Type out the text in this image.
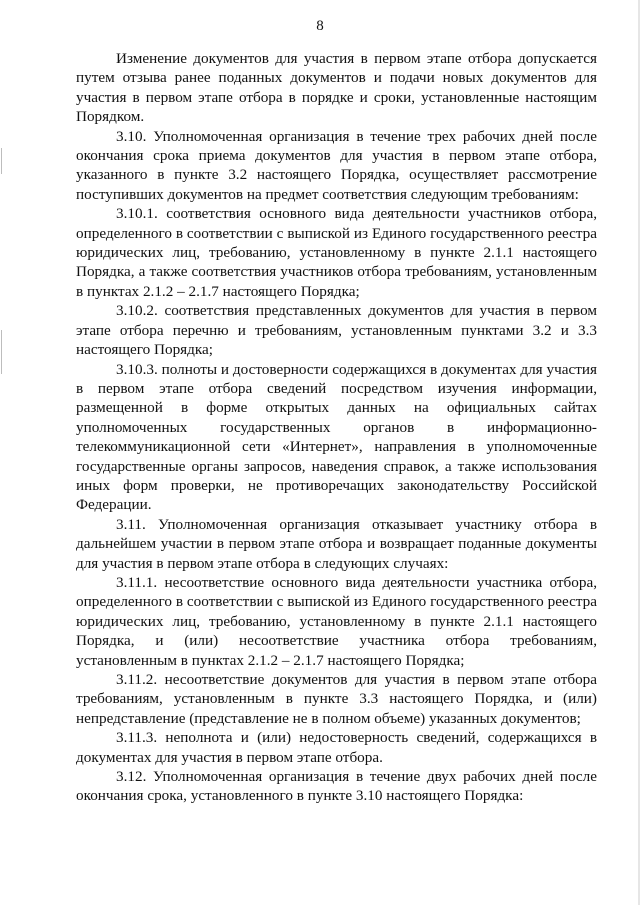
8

Изменение документов для участия в первом этапе отбора допускается путем отзыва ранее поданных документов и подачи новых документов для участия в первом этапе отбора в порядке и сроки, установленные настоящим Порядком.

3.10. Уполномоченная организация в течение трех рабочих дней после окончания срока приема документов для участия в первом этапе отбора, указанного в пункте 3.2 настоящего Порядка, осуществляет рассмотрение поступивших документов на предмет соответствия следующим требованиям:

3.10.1. соответствия основного вида деятельности участников отбора, определенного в соответствии с выпиской из Единого государственного реестра юридических лиц, требованию, установленному в пункте 2.1.1 настоящего Порядка, а также соответствия участников отбора требованиям, установленным в пунктах 2.1.2 – 2.1.7 настоящего Порядка;

3.10.2. соответствия представленных документов для участия в первом этапе отбора перечню и требованиям, установленным пунктами 3.2 и 3.3 настоящего Порядка;

3.10.3. полноты и достоверности содержащихся в документах для участия в первом этапе отбора сведений посредством изучения информации, размещенной в форме открытых данных на официальных сайтах уполномоченных государственных органов в информационно-телекоммуникационной сети «Интернет», направления в уполномоченные государственные органы запросов, наведения справок, а также использования иных форм проверки, не противоречащих законодательству Российской Федерации.

3.11. Уполномоченная организация отказывает участнику отбора в дальнейшем участии в первом этапе отбора и возвращает поданные документы для участия в первом этапе отбора в следующих случаях:

3.11.1. несоответствие основного вида деятельности участника отбора, определенного в соответствии с выпиской из Единого государственного реестра юридических лиц, требованию, установленному в пункте 2.1.1 настоящего Порядка, и (или) несоответствие участника отбора требованиям, установленным в пунктах 2.1.2 – 2.1.7 настоящего Порядка;

3.11.2. несоответствие документов для участия в первом этапе отбора требованиям, установленным в пункте 3.3 настоящего Порядка, и (или) непредставление (представление не в полном объеме) указанных документов;

3.11.3. неполнота и (или) недостоверность сведений, содержащихся в документах для участия в первом этапе отбора.

3.12. Уполномоченная организация в течение двух рабочих дней после окончания срока, установленного в пункте 3.10 настоящего Порядка:
